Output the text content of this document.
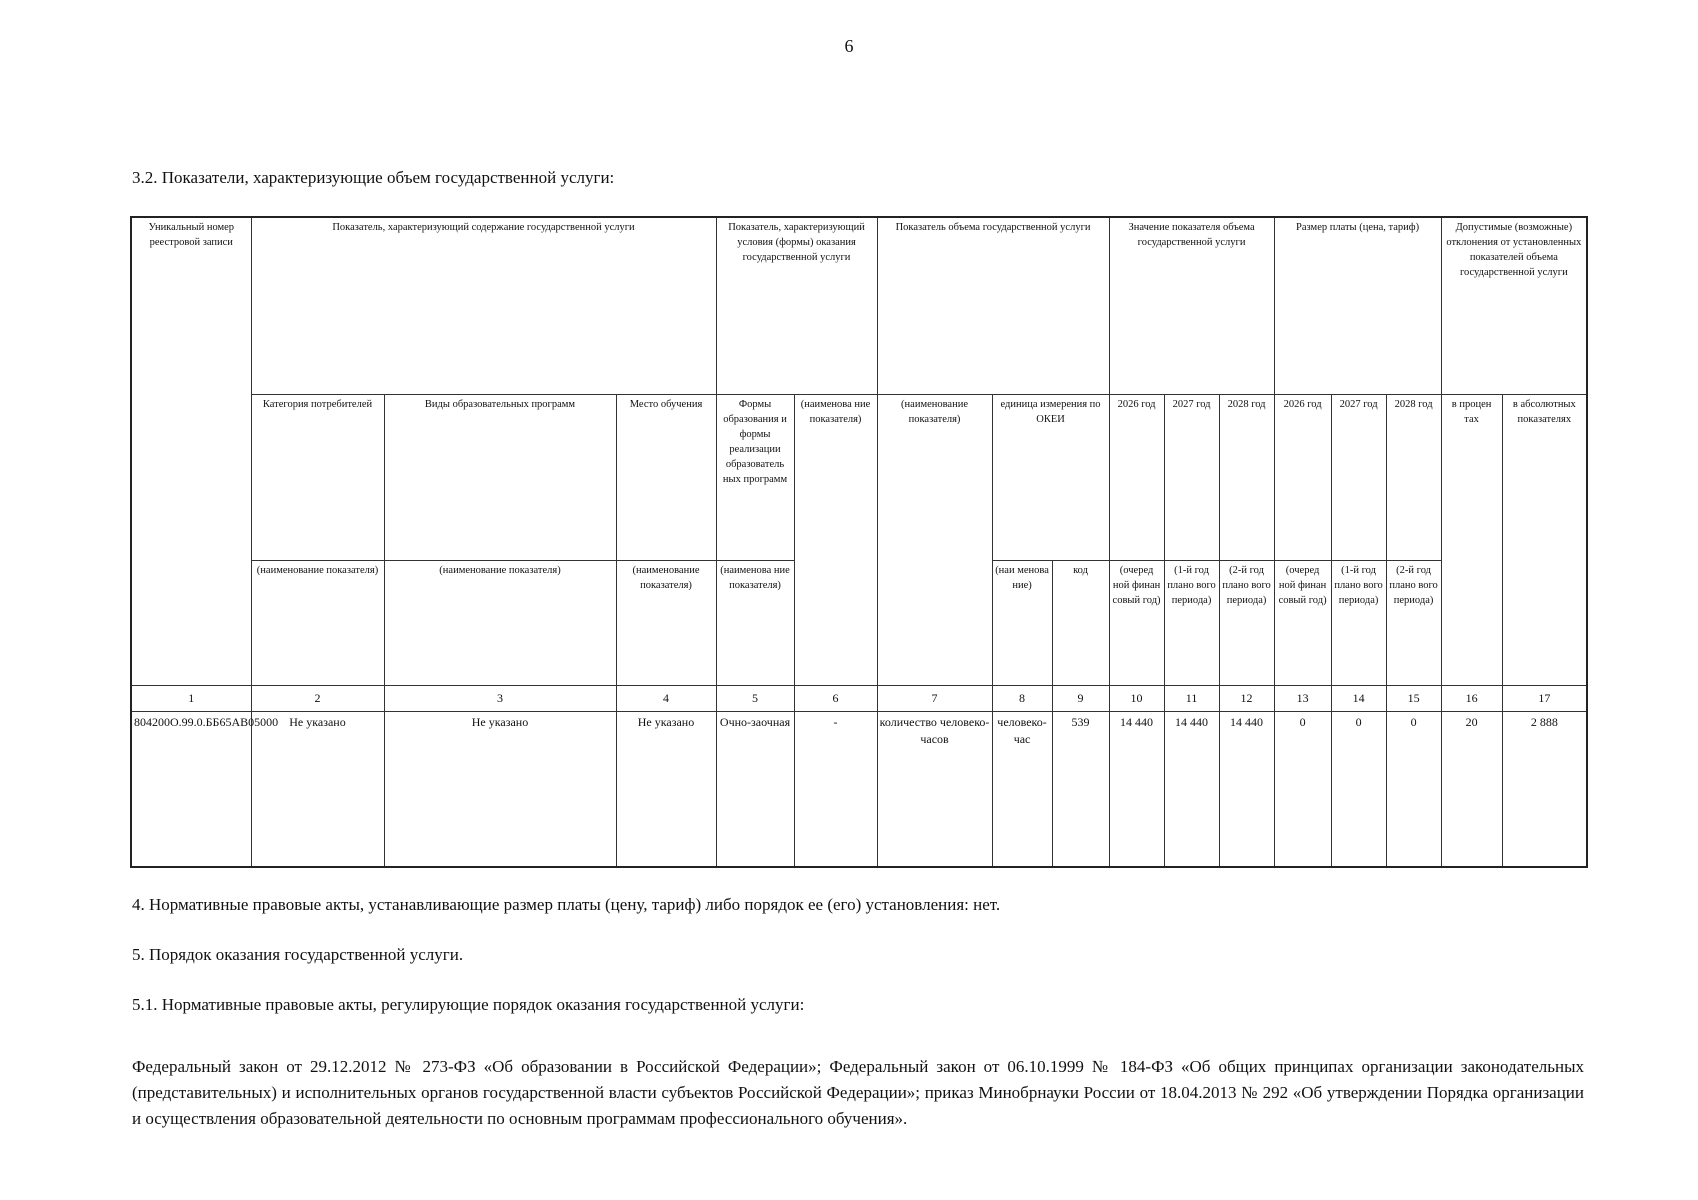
6
3.2. Показатели, характеризующие объем государственной услуги:
Уникальный номер реестровой записи	Показатель, характеризующий содержание государственной услуги			Показатель, характеризующий условия (формы) оказания государственной услуги		Показатель объема государственной услуги			Значение показателя объема государственной услуги			Размер платы (цена, тариф)			Допустимые (возможные) отклонения от установленных показателей объема государственной услуги	
	Категория потребителей	Виды образовательных программ	Место обучения	Формы образования и формы реализации образователь ных программ	(наименова ние показателя)	(наименование показателя)	единица измерения по ОКЕИ		2026 год	2027 год	2028 год	2026 год	2027 год	2028 год	в процен тах	в абсолютных показателях
	(наименование показателя)	(наименование показателя)	(наименование показателя)	(наименова ние показателя)			(наи менова ние)	код	(очеред ной финан совый год)	(1-й год плано вого периода)	(2-й год плано вого периода)	(очеред ной финан совый год)	(1-й год плано вого периода)	(2-й год плано вого периода)		
1	2	3	4	5	6	7	8	9	10	11	12	13	14	15	16	17
804200О.99.0.ББ65АВ05000	Не указано	Не указано	Не указано	Очно-заочная	-	количество человеко-часов	человеко-час	539	14 440	14 440	14 440	0	0	0	20	2 888
4. Нормативные правовые акты, устанавливающие размер платы (цену, тариф) либо порядок ее (его) установления: нет.
5. Порядок оказания государственной услуги.
5.1. Нормативные правовые акты, регулирующие порядок оказания государственной услуги:
Федеральный закон от 29.12.2012 № 273-ФЗ «Об образовании в Российской Федерации»; Федеральный закон от 06.10.1999 № 184-ФЗ «Об общих принципах организации законодательных (представительных) и исполнительных органов государственной власти субъектов Российской Федерации»; приказ Минобрнауки России от 18.04.2013 № 292 «Об утверждении Порядка организации и осуществления образовательной деятельности по основным программам профессионального обучения».
